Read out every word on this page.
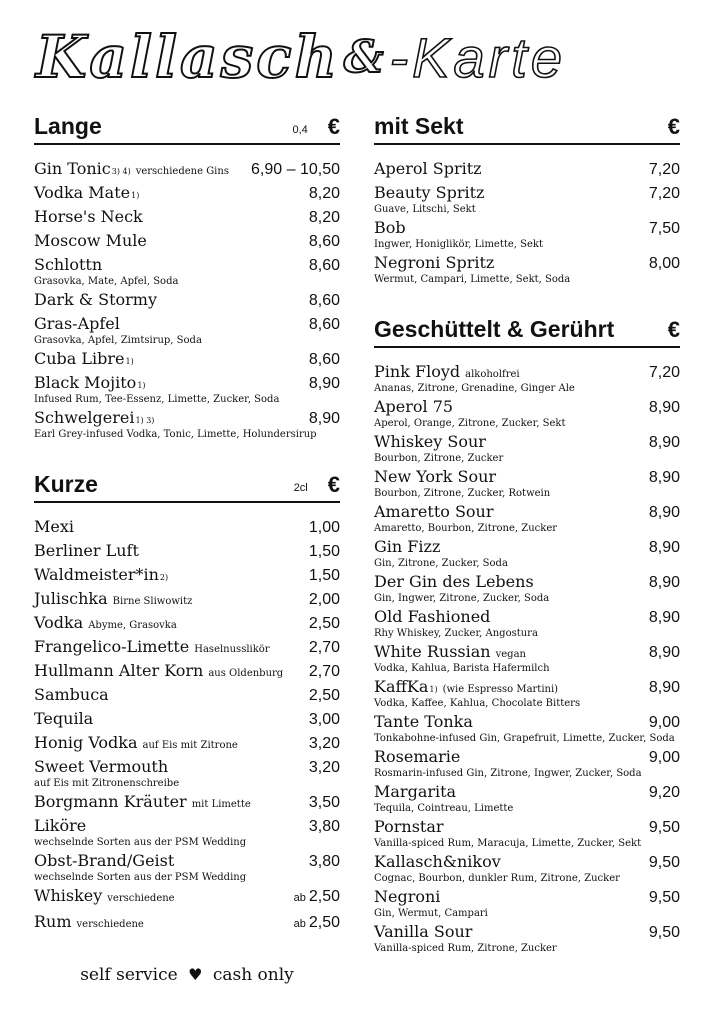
Kallasch & -Karte
Lange	0,4 €
Gin Tonic 3) 4) verschiedene Gins 6,90 – 10,50
Vodka Mate 1)	8,20
Horse's Neck	8,20
Moscow Mule	8,60
Schlottn	8,60
Grasovka, Mate, Apfel, Soda
Dark & Stormy	8,60
Gras-Apfel	8,60
Grasovka, Apfel, Zimtsirup, Soda
Cuba Libre 1)	8,60
Black Mojito 1)	8,90
Infused Rum, Tee-Essenz, Limette, Zucker, Soda
Schwelgerei 1) 3)	8,90
Earl Grey-infused Vodka, Tonic, Limette, Holundersirup
Kurze	2cl €
Mexi	1,00
Berliner Luft	1,50
Waldmeister*in 2)	1,50
Julischka Birne Sliwowitz	2,00
Vodka Abyme, Grasovka	2,50
Frangelico-Limette Haselnusslikör 2,70
Hullmann Alter Korn aus Oldenburg 2,70
Sambuca	2,50
Tequila	3,00
Honig Vodka auf Eis mit Zitrone	3,20
Sweet Vermouth	3,20
auf Eis mit Zitronenschreibe
Borgmann Kräuter mit Limette	3,50
Liköre	3,80
wechselnde Sorten aus der PSM Wedding
Obst-Brand/Geist	3,80
wechselnde Sorten aus der PSM Wedding
Whiskey verschiedene	ab 2,50
Rum verschiedene	ab 2,50
mit Sekt	€
Aperol Spritz	7,20
Beauty Spritz	7,20
Guave, Litschi, Sekt
Bob	7,50
Ingwer, Honiglikör, Limette, Sekt
Negroni Spritz	8,00
Wermut, Campari, Limette, Sekt, Soda
Geschüttelt & Gerührt	€
Pink Floyd alkoholfrei	7,20
Ananas, Zitrone, Grenadine, Ginger Ale
Aperol 75	8,90
Aperol, Orange, Zitrone, Zucker, Sekt
Whiskey Sour	8,90
Bourbon, Zitrone, Zucker
New York Sour	8,90
Bourbon, Zitrone, Zucker, Rotwein
Amaretto Sour	8,90
Amaretto, Bourbon, Zitrone, Zucker
Gin Fizz	8,90
Gin, Zitrone, Zucker, Soda
Der Gin des Lebens	8,90
Gin, Ingwer, Zitrone, Zucker, Soda
Old Fashioned	8,90
Rhy Whiskey, Zucker, Angostura
White Russian vegan	8,90
Vodka, Kahlua, Barista Hafermilch
KaffKa 1) (wie Espresso Martini)	8,90
Vodka, Kaffee, Kahlua, Chocolate Bitters
Tante Tonka	9,00
Tonkabohne-infused Gin, Grapefruit, Limette, Zucker, Soda
Rosemarie	9,00
Rosmarin-infused Gin, Zitrone, Ingwer, Zucker, Soda
Margarita	9,20
Tequila, Cointreau, Limette
Pornstar	9,50
Vanilla-spiced Rum, Maracuja, Limette, Zucker, Sekt
Kallasch&nikov	9,50
Cognac, Bourbon, dunkler Rum, Zitrone, Zucker
Negroni	9,50
Gin, Wermut, Campari
Vanilla Sour	9,50
Vanilla-spiced Rum, Zitrone, Zucker
self service ♥ cash only
